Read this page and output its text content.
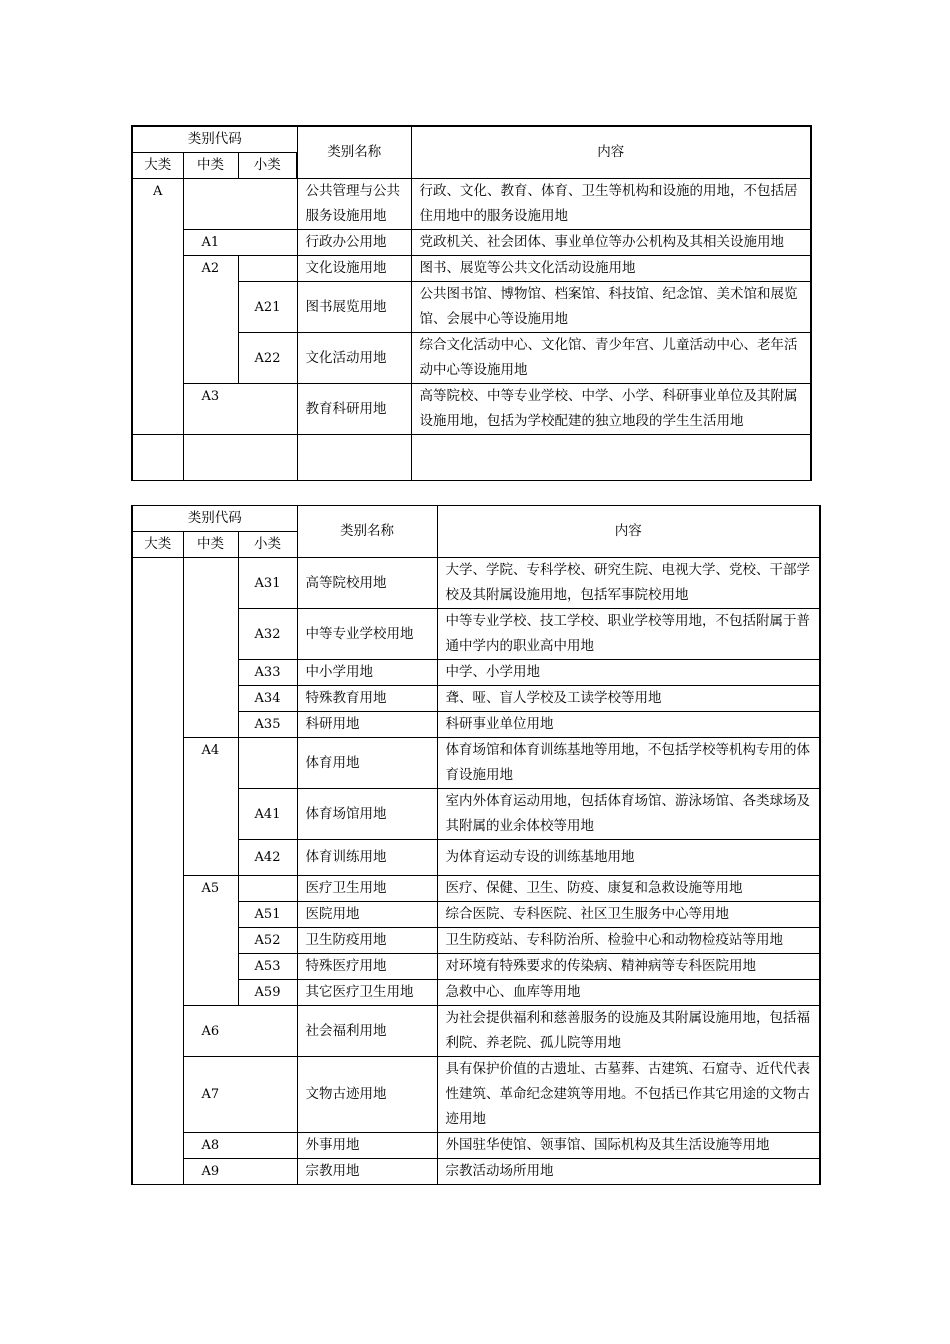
类别代码			类别名称	内容
大类	中类	小类		
A			公共管理与公共服务设施用地	行政、文化、教育、体育、卫生等机构和设施的用地，不包括居住用地中的服务设施用地
	A1		行政办公用地	党政机关、社会团体、事业单位等办公机构及其相关设施用地
	A2		文化设施用地	图书、展览等公共文化活动设施用地
		A21	图书展览用地	公共图书馆、博物馆、档案馆、科技馆、纪念馆、美术馆和展览馆、会展中心等设施用地
		A22	文化活动用地	综合文化活动中心、文化馆、青少年宫、儿童活动中心、老年活动中心等设施用地
	A3		教育科研用地	高等院校、中等专业学校、中学、小学、科研事业单位及其附属设施用地，包括为学校配建的独立地段的学生生活用地

类别代码			类别名称	内容
大类	中类	小类		
		A31	高等院校用地	大学、学院、专科学校、研究生院、电视大学、党校、干部学校及其附属设施用地，包括军事院校用地
		A32	中等专业学校用地	中等专业学校、技工学校、职业学校等用地，不包括附属于普通中学内的职业高中用地
		A33	中小学用地	中学、小学用地
		A34	特殊教育用地	聋、哑、盲人学校及工读学校等用地
		A35	科研用地	科研事业单位用地
	A4		体育用地	体育场馆和体育训练基地等用地，不包括学校等机构专用的体育设施用地
		A41	体育场馆用地	室内外体育运动用地，包括体育场馆、游泳场馆、各类球场及其附属的业余体校等用地
		A42	体育训练用地	为体育运动专设的训练基地用地
	A5		医疗卫生用地	医疗、保健、卫生、防疫、康复和急救设施等用地
		A51	医院用地	综合医院、专科医院、社区卫生服务中心等用地
		A52	卫生防疫用地	卫生防疫站、专科防治所、检验中心和动物检疫站等用地
		A53	特殊医疗用地	对环境有特殊要求的传染病、精神病等专科医院用地
		A59	其它医疗卫生用地	急救中心、血库等用地
	A6		社会福利用地	为社会提供福利和慈善服务的设施及其附属设施用地，包括福利院、养老院、孤儿院等用地
	A7		文物古迹用地	具有保护价值的古遗址、古墓葬、古建筑、石窟寺、近代代表性建筑、革命纪念建筑等用地。不包括已作其它用途的文物古迹用地
	A8		外事用地	外国驻华使馆、领事馆、国际机构及其生活设施等用地
	A9		宗教用地	宗教活动场所用地
